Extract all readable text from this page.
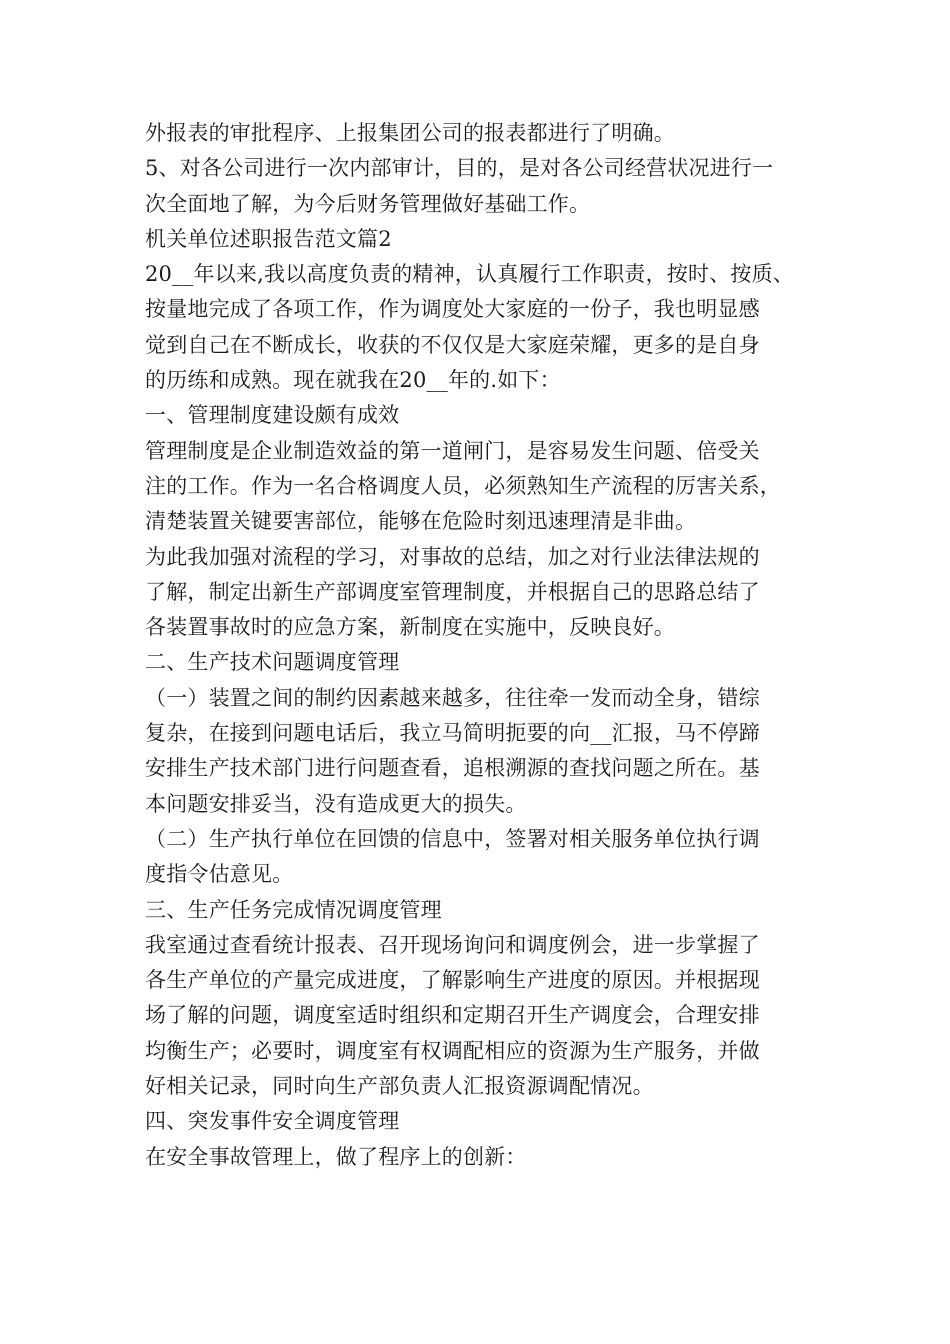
外报表的审批程序、上报集团公司的报表都进行了明确。

5、对各公司进行一次内部审计，目的，是对各公司经营状况进行一

次全面地了解，为今后财务管理做好基础工作。

机关单位述职报告范文篇2

20__年以来,我以高度负责的精神，认真履行工作职责，按时、按质、

按量地完成了各项工作，作为调度处大家庭的一份子，我也明显感

觉到自己在不断成长，收获的不仅仅是大家庭荣耀，更多的是自身

的历练和成熟。现在就我在20__年的.如下：

一、管理制度建设颇有成效

管理制度是企业制造效益的第一道闸门，是容易发生问题、倍受关

注的工作。作为一名合格调度人员，必须熟知生产流程的厉害关系，

清楚装置关键要害部位，能够在危险时刻迅速理清是非曲。

为此我加强对流程的学习，对事故的总结，加之对行业法律法规的

了解，制定出新生产部调度室管理制度，并根据自己的思路总结了

各装置事故时的应急方案，新制度在实施中，反映良好。

二、生产技术问题调度管理

（一）装置之间的制约因素越来越多，往往牵一发而动全身，错综

复杂，在接到问题电话后，我立马简明扼要的向__汇报，马不停蹄

安排生产技术部门进行问题查看，追根溯源的查找问题之所在。基

本问题安排妥当，没有造成更大的损失。

（二）生产执行单位在回馈的信息中，签署对相关服务单位执行调

度指令估意见。

三、生产任务完成情况调度管理

我室通过查看统计报表、召开现场询问和调度例会，进一步掌握了

各生产单位的产量完成进度，了解影响生产进度的原因。并根据现

场了解的问题，调度室适时组织和定期召开生产调度会，合理安排

均衡生产；必要时，调度室有权调配相应的资源为生产服务，并做

好相关记录，同时向生产部负责人汇报资源调配情况。

四、突发事件安全调度管理

在安全事故管理上，做了程序上的创新：
